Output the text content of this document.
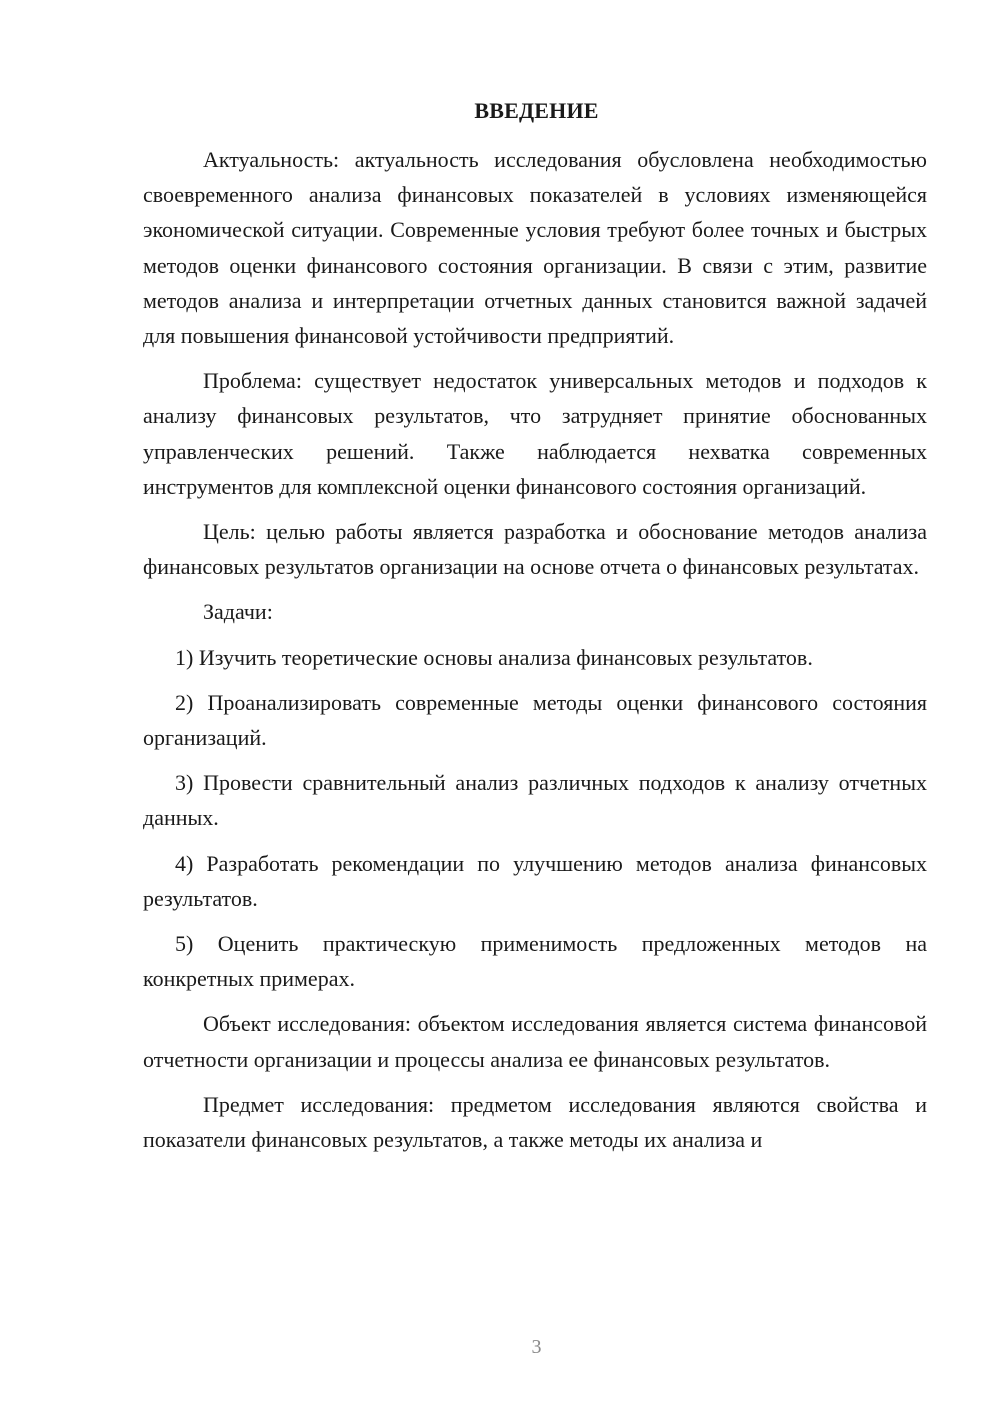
ВВЕДЕНИЕ

Актуальность: актуальность исследования обусловлена необходимостью своевременного анализа финансовых показателей в условиях изменяющейся экономической ситуации. Современные условия требуют более точных и быстрых методов оценки финансового состояния организации. В связи с этим, развитие методов анализа и интерпретации отчетных данных становится важной задачей для повышения финансовой устойчивости предприятий.

Проблема: существует недостаток универсальных методов и подходов к анализу финансовых результатов, что затрудняет принятие обоснованных управленческих решений. Также наблюдается нехватка современных инструментов для комплексной оценки финансового состояния организаций.

Цель: целью работы является разработка и обоснование методов анализа финансовых результатов организации на основе отчета о финансовых результатах.

Задачи:

1) Изучить теоретические основы анализа финансовых результатов.

2) Проанализировать современные методы оценки финансового состояния организаций.

3) Провести сравнительный анализ различных подходов к анализу отчетных данных.

4) Разработать рекомендации по улучшению методов анализа финансовых результатов.

5) Оценить практическую применимость предложенных методов на конкретных примерах.

Объект исследования: объектом исследования является система финансовой отчетности организации и процессы анализа ее финансовых результатов.

Предмет исследования: предметом исследования являются свойства и показатели финансовых результатов, а также методы их анализа и

3
